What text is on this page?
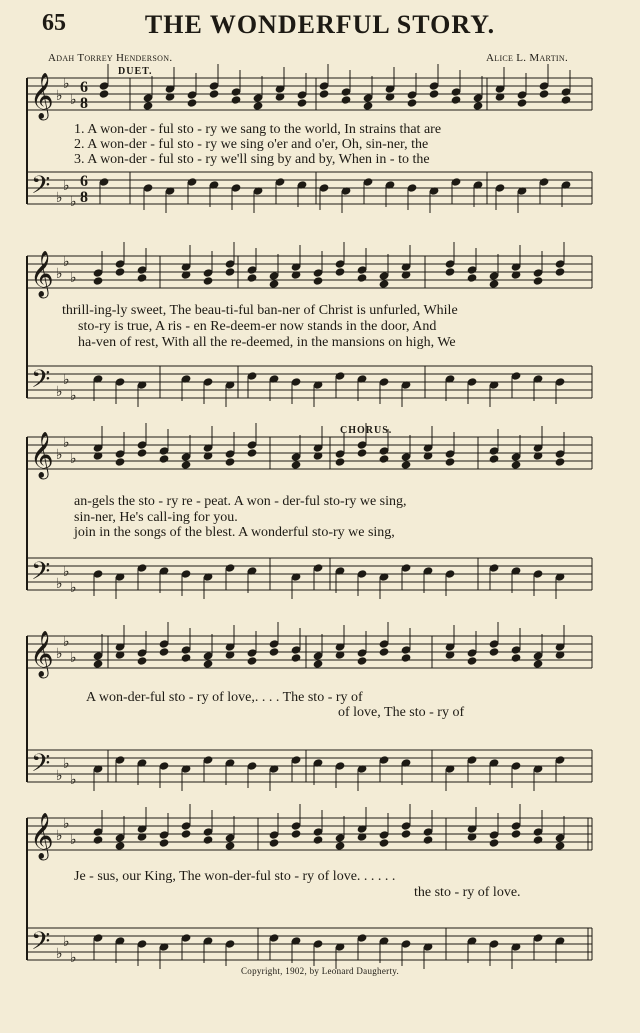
65	THE WONDERFUL STORY.
Adah Torrey Henderson.	Alice L. Martin.
DUET.
CHORUS.
𝄞
𝄢
♭
♭
♭
♭
♭
♭
6
6
8
8
𝄞
𝄢
♭
♭
♭
♭
♭
♭
𝄞
𝄢
♭
♭
♭
♭
♭
♭
𝄞
𝄢
♭
♭
♭
♭
♭
♭
𝄞
𝄢
♭
♭
♭
♭
♭
♭
1. A won-der - ful sto - ry we sang to the world, In strains that are
2. A won-der - ful sto - ry we sing o'er and o'er, Oh, sin-ner, the
3. A won-der - ful sto - ry we'll sing by and by, When in - to the
thrill-ing-ly sweet, The beau-ti-ful ban-ner of Christ is unfurled, While
sto-ry is true, A ris - en Re-deem-er now stands in the door, And
ha-ven of rest, With all the re-deemed, in the mansions on high, We
an-gels the sto - ry re - peat. A won - der-ful sto-ry we sing,
sin-ner, He's call-ing for you.
join in the songs of the blest. A wonderful sto-ry we sing,
A won-der-ful sto - ry of love,. . . . The sto - ry of
of love, The sto - ry of
Je - sus, our King, The won-der-ful sto - ry of love. . . . . .
the sto - ry of love.
Copyright, 1902, by Leonard Daugherty.
